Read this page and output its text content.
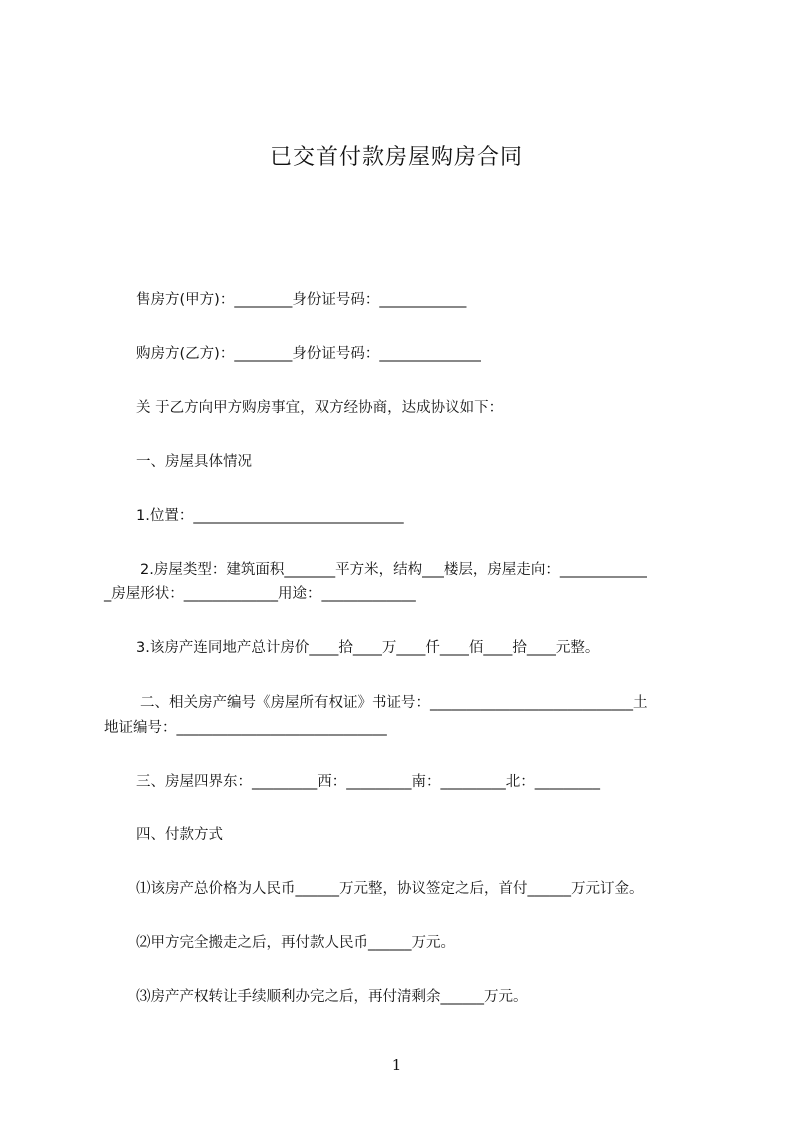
已交首付款房屋购房合同
售房方(甲方)：________身份证号码：____________
购房方(乙方)：________身份证号码：______________
关 于乙方向甲方购房事宜，双方经协商，达成协议如下：
一、房屋具体情况
1.位置：_____________________________
2.房屋类型：建筑面积_______平方米，结构___楼层，房屋走向：____________
_房屋形状：_____________用途：_____________
3.该房产连同地产总计房价____拾____万____仟____佰____拾____元整。
二、相关房产编号《房屋所有权证》书证号：____________________________土
地证编号：_____________________________
三、房屋四界东：_________西：_________南：_________北：_________
四、付款方式
⑴该房产总价格为人民币______万元整，协议签定之后，首付______万元订金。
⑵甲方完全搬走之后，再付款人民币______万元。
⑶房产产权转让手续顺利办完之后，再付清剩余______万元。
1
